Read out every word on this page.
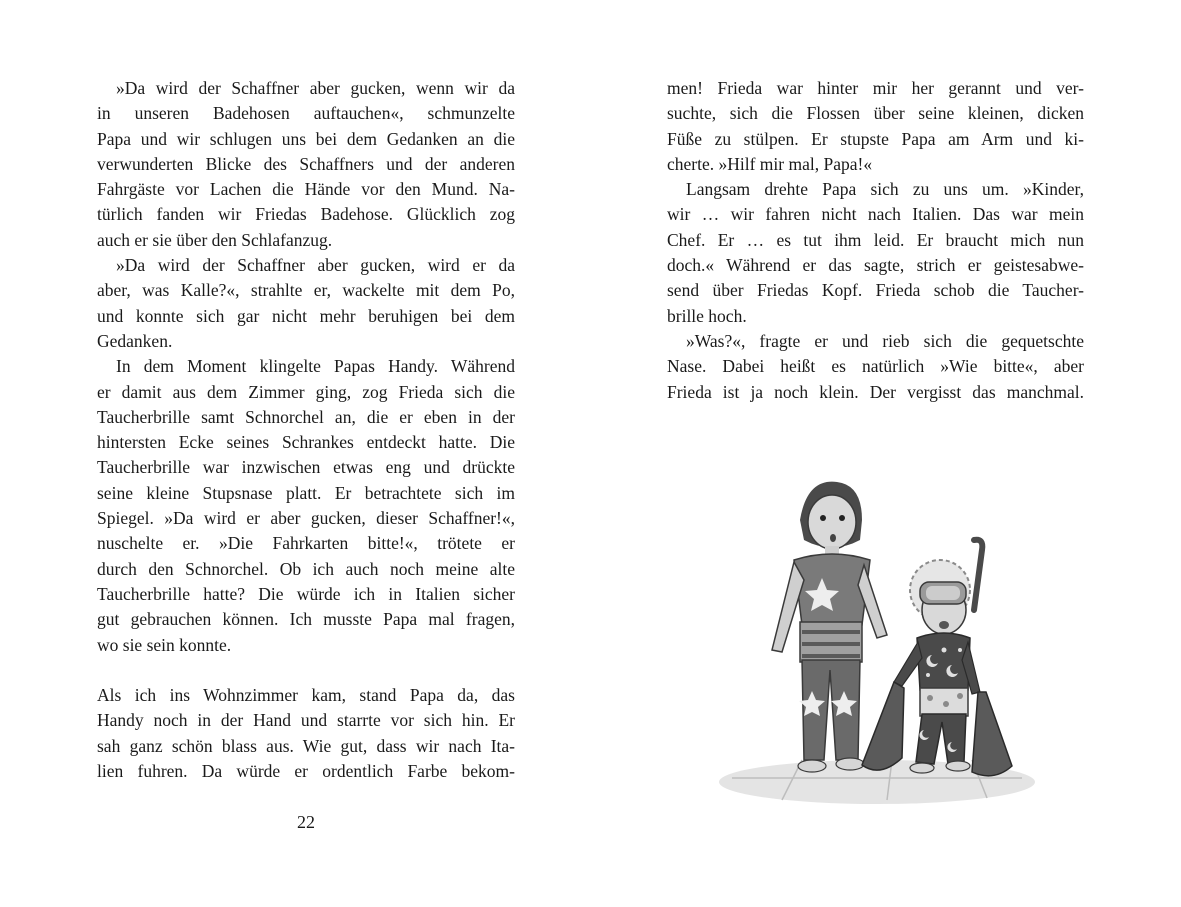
»Da wird der Schaffner aber gucken, wenn wir da
in unseren Badehosen auftauchen«, schmunzelte
Papa und wir schlugen uns bei dem Gedanken an die
verwunderten Blicke des Schaffners und der anderen
Fahrgäste vor Lachen die Hände vor den Mund. Na-
türlich fanden wir Friedas Badehose. Glücklich zog
auch er sie über den Schlafanzug.
»Da wird der Schaffner aber gucken, wird er da
aber, was Kalle?«, strahlte er, wackelte mit dem Po,
und konnte sich gar nicht mehr beruhigen bei dem
Gedanken.
In dem Moment klingelte Papas Handy. Während
er damit aus dem Zimmer ging, zog Frieda sich die
Taucherbrille samt Schnorchel an, die er eben in der
hintersten Ecke seines Schrankes entdeckt hatte. Die
Taucherbrille war inzwischen etwas eng und drückte
seine kleine Stupsnase platt. Er betrachtete sich im
Spiegel. »Da wird er aber gucken, dieser Schaffner!«,
nuschelte er. »Die Fahrkarten bitte!«, trötete er
durch den Schnorchel. Ob ich auch noch meine alte
Taucherbrille hatte? Die würde ich in Italien sicher
gut gebrauchen können. Ich musste Papa mal fragen,
wo sie sein konnte.
Als ich ins Wohnzimmer kam, stand Papa da, das
Handy noch in der Hand und starrte vor sich hin. Er
sah ganz schön blass aus. Wie gut, dass wir nach Ita-
lien fuhren. Da würde er ordentlich Farbe bekom-
men! Frieda war hinter mir her gerannt und ver-
suchte, sich die Flossen über seine kleinen, dicken
Füße zu stülpen. Er stupste Papa am Arm und ki-
cherte. »Hilf mir mal, Papa!«
Langsam drehte Papa sich zu uns um. »Kinder,
wir … wir fahren nicht nach Italien. Das war mein
Chef. Er … es tut ihm leid. Er braucht mich nun
doch.« Während er das sagte, strich er geistesabwe-
send über Friedas Kopf. Frieda schob die Taucher-
brille hoch.
»Was?«, fragte er und rieb sich die gequetschte
Nase. Dabei heißt es natürlich »Wie bitte«, aber
Frieda ist ja noch klein. Der vergisst das manchmal.
22
